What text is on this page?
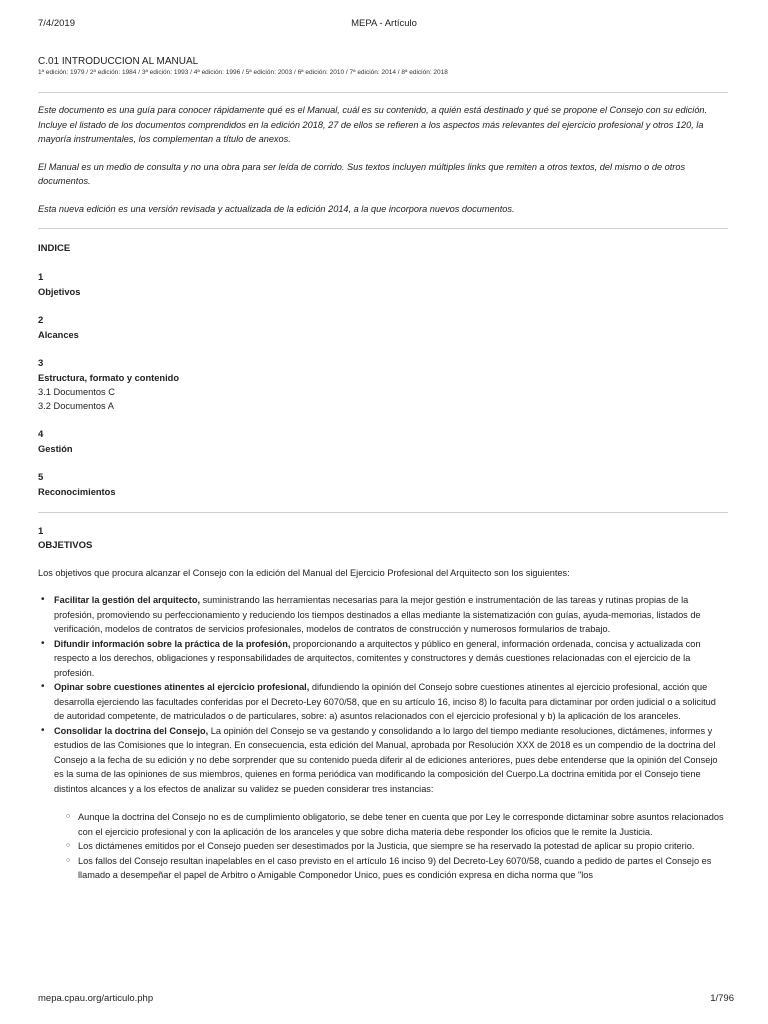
7/4/2019	MEPA - Artículo

C.01 INTRODUCCION AL MANUAL

1ª edición: 1979 / 2ª edición: 1984 / 3ª edición: 1993 / 4ª edición: 1996 / 5ª edición: 2003 / 6ª edición: 2010 / 7ª edición: 2014 / 8ª edición: 2018

Este documento es una guía para conocer rápidamente qué es el Manual, cuál es su contenido, a quién está destinado y qué se propone el Consejo con su edición. Incluye el listado de los documentos comprendidos en la edición 2018, 27 de ellos se refieren a los aspectos más relevantes del ejercicio profesional y otros 120, la mayoría instrumentales, los complementan a título de anexos.

El Manual es un medio de consulta y no una obra para ser leída de corrido. Sus textos incluyen múltiples links que remiten a otros textos, del mismo o de otros documentos.

Esta nueva edición es una versión revisada y actualizada de la edición 2014, a la que incorpora nuevos documentos.

INDICE
1
Objetivos
2
Alcances
3
Estructura, formato y contenido
3.1 Documentos C
3.2 Documentos A
4
Gestión
5
Reconocimientos
1
OBJETIVOS

Los objetivos que procura alcanzar el Consejo con la edición del Manual del Ejercicio Profesional del Arquitecto son los siguientes:

• Facilitar la gestión del arquitecto, suministrando las herramientas necesarias para la mejor gestión e instrumentación de las tareas y rutinas propias de la profesión, promoviendo su perfeccionamiento y reduciendo los tiempos destinados a ellas mediante la sistematización con guías, ayuda-memorias, listados de verificación, modelos de contratos de servicios profesionales, modelos de contratos de construcción y numerosos formularios de trabajo.
• Difundir información sobre la práctica de la profesión, proporcionando a arquitectos y público en general, información ordenada, concisa y actualizada con respecto a los derechos, obligaciones y responsabilidades de arquitectos, comitentes y constructores y demás cuestiones relacionadas con el ejercicio de la profesión.
• Opinar sobre cuestiones atinentes al ejercicio profesional, difundiendo la opinión del Consejo sobre cuestiones atinentes al ejercicio profesional, acción que desarrolla ejerciendo las facultades conferidas por el Decreto-Ley 6070/58, que en su artículo 16, inciso 8) lo faculta para dictaminar por orden judicial o a solicitud de autoridad competente, de matriculados o de particulares, sobre: a) asuntos relacionados con el ejercicio profesional y b) la aplicación de los aranceles.
• Consolidar la doctrina del Consejo, La opinión del Consejo se va gestando y consolidando a lo largo del tiempo mediante resoluciones, dictámenes, informes y estudios de las Comisiones que lo integran. En consecuencia, esta edición del Manual, aprobada por Resolución XXX de 2018 es un compendio de la doctrina del Consejo a la fecha de su edición y no debe sorprender que su contenido pueda diferir al de ediciones anteriores, pues debe entenderse que la opinión del Consejo es la suma de las opiniones de sus miembros, quienes en forma periódica van modificando la composición del Cuerpo.La doctrina emitida por el Consejo tiene distintos alcances y a los efectos de analizar su validez se pueden considerar tres instancias:
○ Aunque la doctrina del Consejo no es de cumplimiento obligatorio, se debe tener en cuenta que por Ley le corresponde dictaminar sobre asuntos relacionados con el ejercicio profesional y con la aplicación de los aranceles y que sobre dicha materia debe responder los oficios que le remite la Justicia.
○ Los dictámenes emitidos por el Consejo pueden ser desestimados por la Justicia, que siempre se ha reservado la potestad de aplicar su propio criterio.
○ Los fallos del Consejo resultan inapelables en el caso previsto en el artículo 16 inciso 9) del Decreto-Ley 6070/58, cuando a pedido de partes el Consejo es llamado a desempeñar el papel de Arbitro o Amigable Componedor Unico, pues es condición expresa en dicha norma que "los
mepa.cpau.org/articulo.php	1/796
